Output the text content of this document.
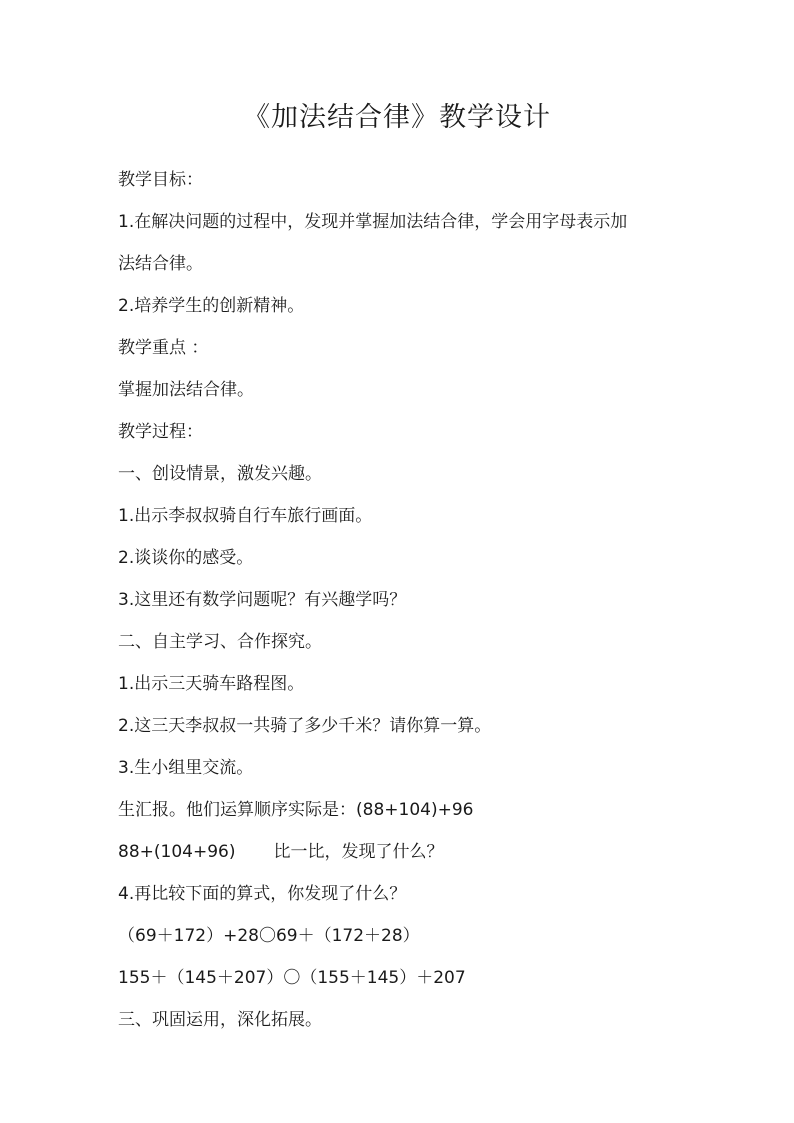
《加法结合律》教学设计
教学目标：
1.在解决问题的过程中，发现并掌握加法结合律，学会用字母表示加
法结合律。
2.培养学生的创新精神。
教学重点 ：
掌握加法结合律。
教学过程：
一、创设情景，激发兴趣。
1.出示李叔叔骑自行车旅行画面。
2.谈谈你的感受。
3.这里还有数学问题呢？有兴趣学吗？
二、自主学习、合作探究。
1.出示三天骑车路程图。
2.这三天李叔叔一共骑了多少千米？请你算一算。
3.生小组里交流。
生汇报。他们运算顺序实际是：(88+104)+96
88+(104+96) 比一比，发现了什么？
4.再比较下面的算式，你发现了什么？
（69＋172）+28〇69＋（172＋28）
155＋（145＋207）〇（155＋145）＋207
三、巩固运用，深化拓展。
